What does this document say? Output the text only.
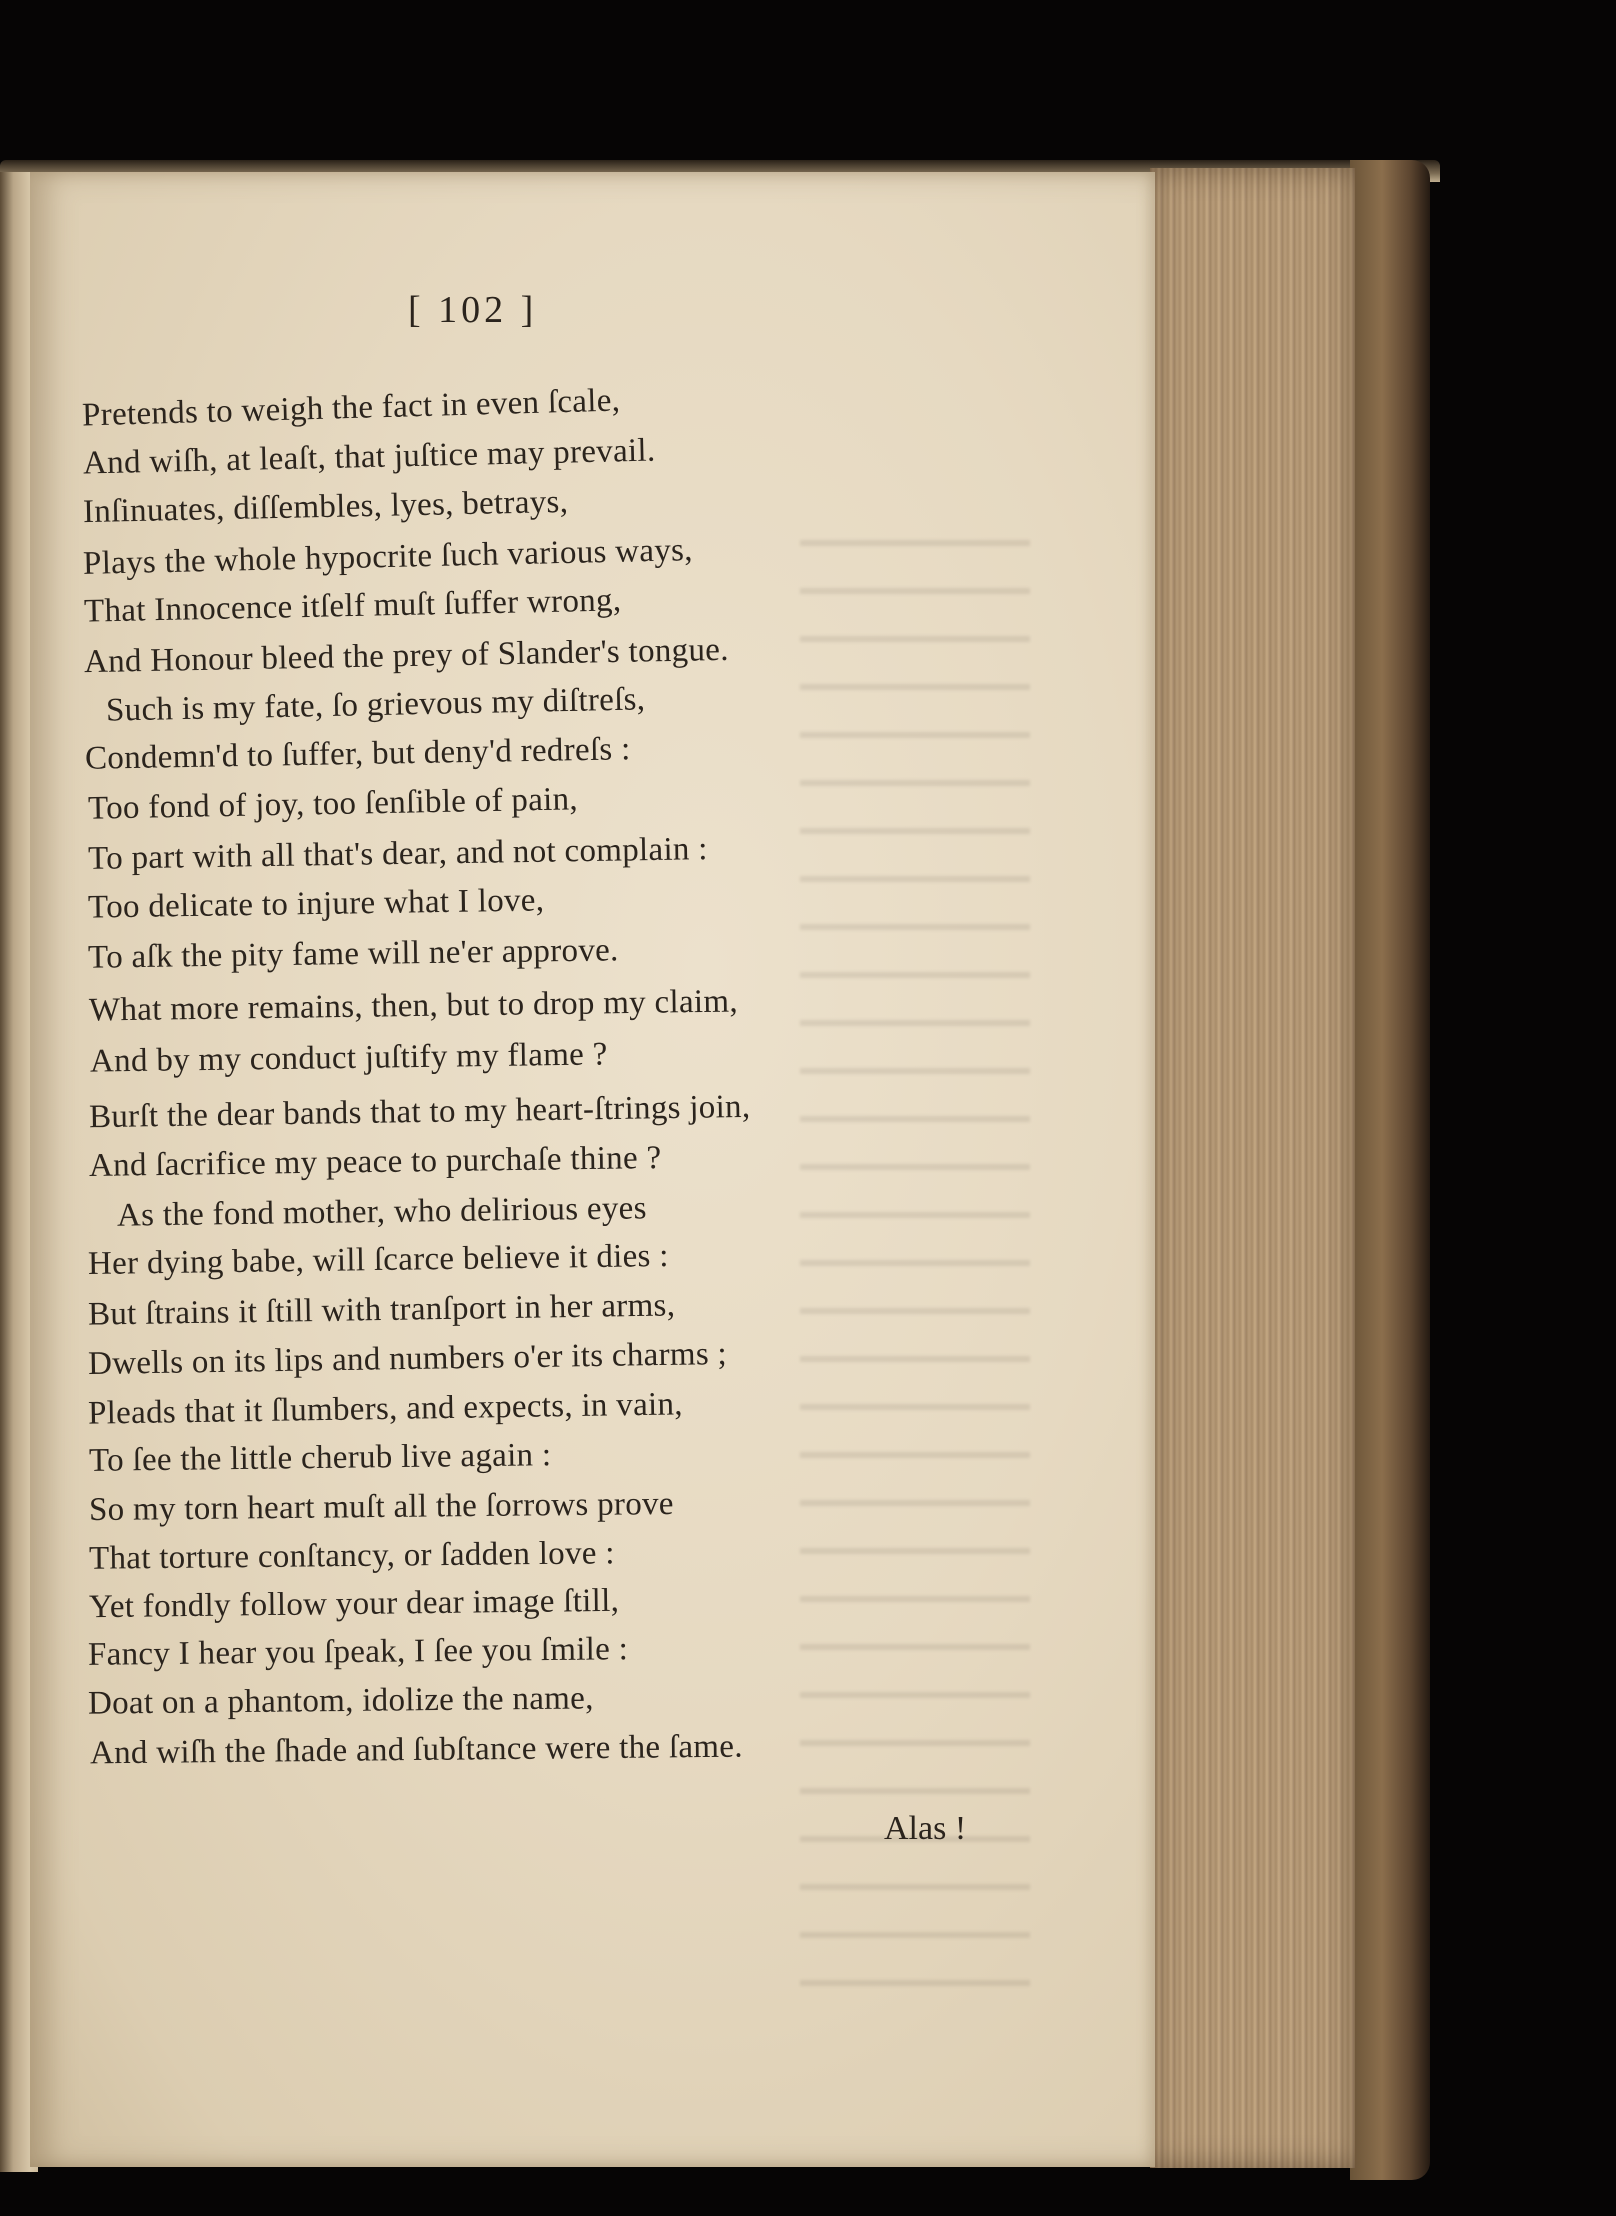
[ 102 ]
Pretends to weigh the fact in even ſcale,
And wiſh, at leaſt, that juſtice may prevail.
Inſinuates, diſſembles, lyes, betrays,
Plays the whole hypocrite ſuch various ways,
That Innocence itſelf muſt ſuffer wrong,
And Honour bleed the prey of Slander's tongue.
Such is my fate, ſo grievous my diſtreſs,
Condemn'd to ſuffer, but deny'd redreſs :
Too fond of joy, too ſenſible of pain,
To part with all that's dear, and not complain :
Too delicate to injure what I love,
To aſk the pity fame will ne'er approve.
What more remains, then, but to drop my claim,
And by my conduct juſtify my flame ?
Burſt the dear bands that to my heart-ſtrings join,
And ſacrifice my peace to purchaſe thine ?
As the fond mother, who delirious eyes
Her dying babe, will ſcarce believe it dies :
But ſtrains it ſtill with tranſport in her arms,
Dwells on its lips and numbers o'er its charms ;
Pleads that it ſlumbers, and expects, in vain,
To ſee the little cherub live again :
So my torn heart muſt all the ſorrows prove
That torture conſtancy, or ſadden love :
Yet fondly follow your dear image ſtill,
Fancy I hear you ſpeak, I ſee you ſmile :
Doat on a phantom, idolize the name,
And wiſh the ſhade and ſubſtance were the ſame.
Alas !
